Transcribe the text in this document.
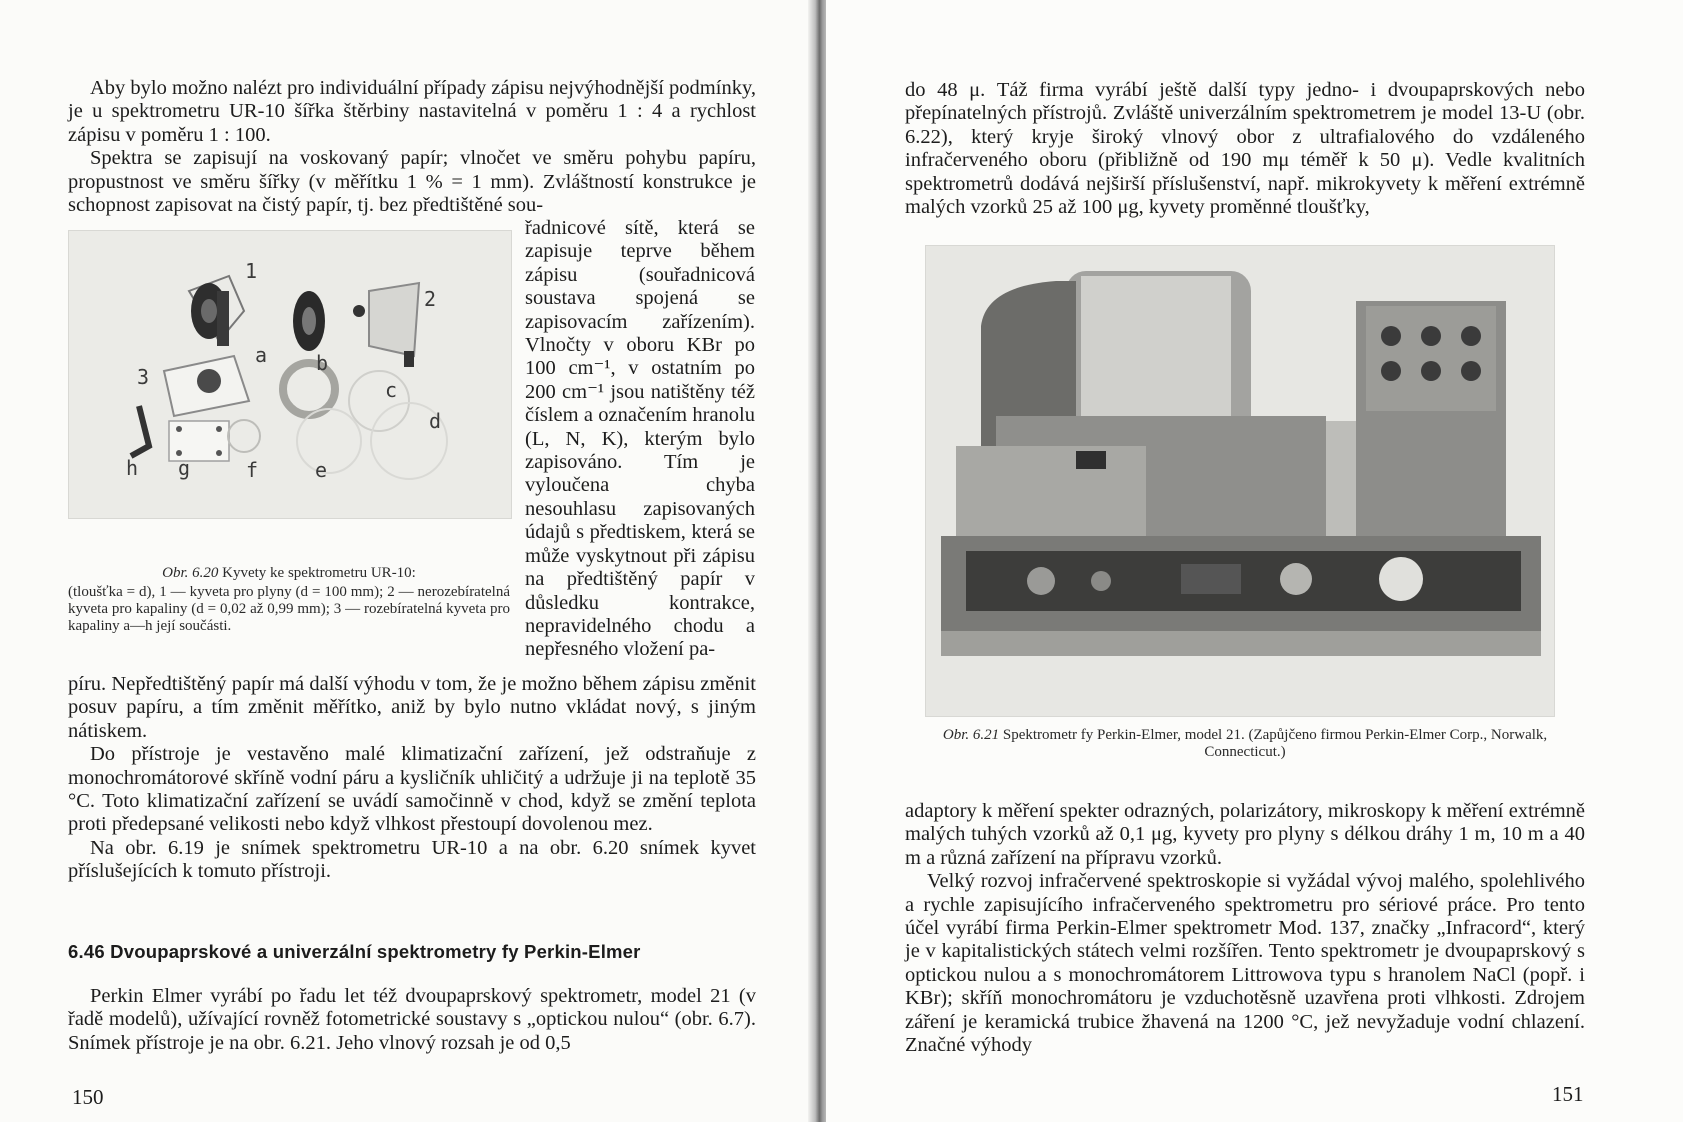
Aby bylo možno nalézt pro individuální případy zápisu nejvýhodnější podmínky, je u spektrometru UR-10 šířka štěrbiny nastavitelná v poměru 1 : 4 a rychlost zápisu v poměru 1 : 100.

Spektra se zapisují na voskovaný papír; vlnočet ve směru pohybu papíru, propustnost ve směru šířky (v měřítku 1 % = 1 mm). Zvláštností konstrukce je schopnost zapisovat na čistý papír, tj. bez předtištěné sou-

1
2
3
a b
c
d
h g	f	e
Obr. 6.20 Kyvety ke spektrometru UR-10:
(tloušťka = d), 1 — kyveta pro plyny (d = 100 mm); 2 — nerozebíratelná kyveta pro kapaliny (d = 0,02 až 0,99 mm); 3 — rozebíratelná kyveta pro kapaliny a—h její součásti.

řadnicové sítě, která se zapisuje teprve během zápisu (souřadnicová soustava spojená se zapisovacím zařízením). Vlnočty v oboru KBr po 100 cm⁻¹, v ostatním po 200 cm⁻¹ jsou natištěny též číslem a označením hranolu (L, N, K), kterým bylo zapisováno. Tím je vyloučena chyba nesouhlasu zapisovaných údajů s předtiskem, která se může vyskytnout při zápisu na předtištěný papír v důsledku kontrakce, nepravidelného chodu a nepřesného vložení pa-

píru. Nepředtištěný papír má další výhodu v tom, že je možno během zápisu změnit posuv papíru, a tím změnit měřítko, aniž by bylo nutno vkládat nový, s jiným nátiskem.

Do přístroje je vestavěno malé klimatizační zařízení, jež odstraňuje z monochromátorové skříně vodní páru a kysličník uhličitý a udržuje ji na teplotě 35 °C. Toto klimatizační zařízení se uvádí samočinně v chod, když se změní teplota proti předepsané velikosti nebo když vlhkost přestoupí dovolenou mez.

Na obr. 6.19 je snímek spektrometru UR-10 a na obr. 6.20 snímek kyvet příslušejících k tomuto přístroji.

6.46 Dvoupaprskové a univerzální spektrometry fy Perkin-Elmer

Perkin Elmer vyrábí po řadu let též dvoupaprskový spektrometr, model 21 (v řadě modelů), užívající rovněž fotometrické soustavy s „optickou nulou“ (obr. 6.7). Snímek přístroje je na obr. 6.21. Jeho vlnový rozsah je od 0,5

150

do 48 μ. Táž firma vyrábí ještě další typy jedno- i dvoupaprskových nebo přepínatelných přístrojů. Zvláště univerzálním spektrometrem je model 13-U (obr. 6.22), který kryje široký vlnový obor z ultrafialového do vzdáleného infračerveného oboru (přibližně od 190 mμ téměř k 50 μ). Vedle kvalitních spektrometrů dodává nejširší příslušenství, např. mikrokyvety k měření extrémně malých vzorků 25 až 100 μg, kyvety proměnné tloušťky,

Obr. 6.21 Spektrometr fy Perkin-Elmer, model 21. (Zapůjčeno firmou Perkin-Elmer Corp., Norwalk, Connecticut.)

adaptory k měření spekter odrazných, polarizátory, mikroskopy k měření extrémně malých tuhých vzorků až 0,1 μg, kyvety pro plyny s délkou dráhy 1 m, 10 m a 40 m a různá zařízení na přípravu vzorků.

Velký rozvoj infračervené spektroskopie si vyžádal vývoj malého, spolehlivého a rychle zapisujícího infračerveného spektrometru pro sériové práce. Pro tento účel vyrábí firma Perkin-Elmer spektrometr Mod. 137, značky „Infracord“, který je v kapitalistických státech velmi rozšířen. Tento spektrometr je dvoupaprskový s optickou nulou a s monochromátorem Littrowova typu s hranolem NaCl (popř. i KBr); skříň monochromátoru je vzduchotěsně uzavřena proti vlhkosti. Zdrojem záření je keramická trubice žhavená na 1200 °C, jež nevyžaduje vodní chlazení. Značné výhody

151
